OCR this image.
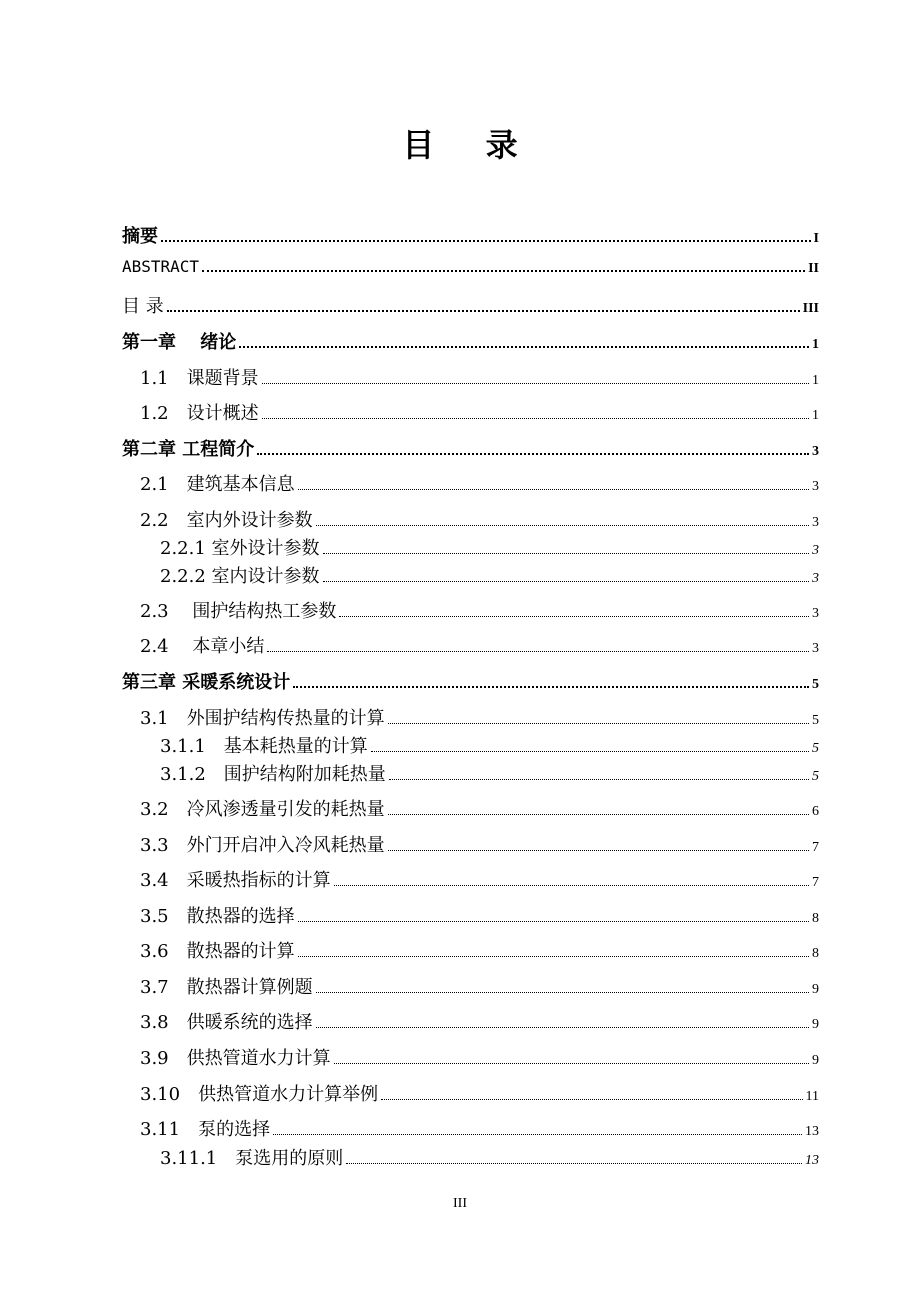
目 录
摘要	I
ABSTRACT	II
目 录	III
第一章　 绪论	1
1.1　课题背景	1
1.2　设计概述	1
第二章 工程简介	3
2.1　建筑基本信息	3
2.2　室内外设计参数	3
2.2.1 室外设计参数	3
2.2.2 室内设计参数	3
2.3　 围护结构热工参数	3
2.4　 本章小结	3
第三章 采暖系统设计	5
3.1　外围护结构传热量的计算	5
3.1.1　基本耗热量的计算	5
3.1.2　围护结构附加耗热量	5
3.2　冷风渗透量引发的耗热量	6
3.3　外门开启冲入冷风耗热量	7
3.4　采暖热指标的计算	7
3.5　散热器的选择	8
3.6　散热器的计算	8
3.7　散热器计算例题	9
3.8　供暖系统的选择	9
3.9　供热管道水力计算	9
3.10　供热管道水力计算举例	11
3.11　泵的选择	13
3.11.1　泵选用的原则	13
III
